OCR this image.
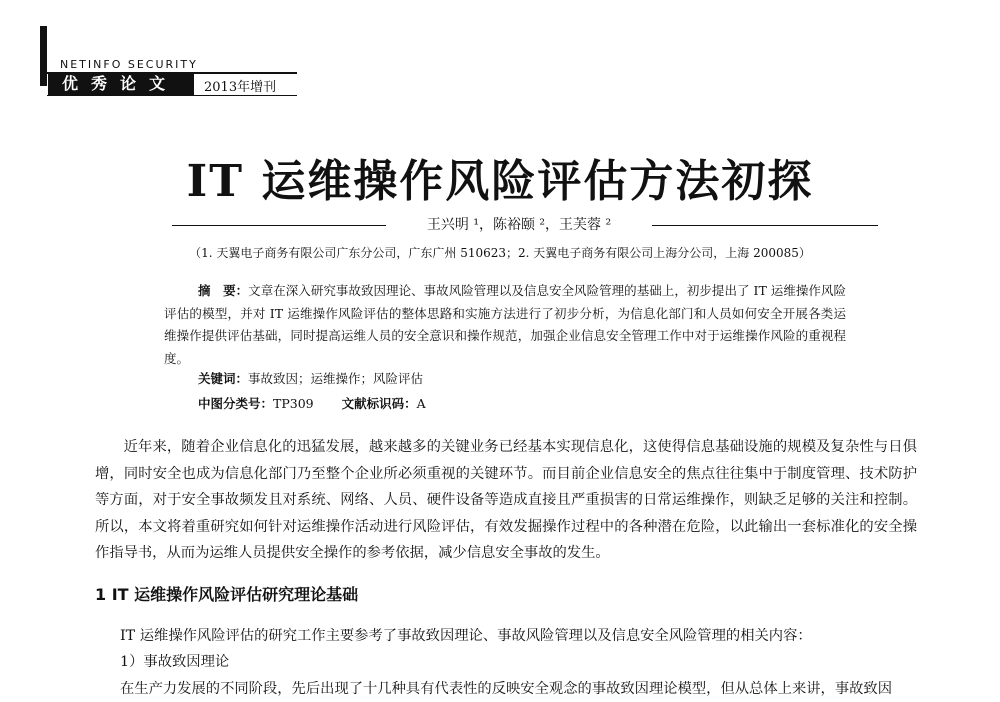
NETINFO SECURITY
优秀论文	2013年增刊
IT 运维操作风险评估方法初探
王兴明 ¹，陈裕颐 ²，王芙蓉 ²
（1. 天翼电子商务有限公司广东分公司，广东广州 510623；2. 天翼电子商务有限公司上海分公司，上海 200085）
摘　要：文章在深入研究事故致因理论、事故风险管理以及信息安全风险管理的基础上，初步提出了 IT 运维操作风险评估的模型，并对 IT 运维操作风险评估的整体思路和实施方法进行了初步分析，为信息化部门和人员如何安全开展各类运维操作提供评估基础，同时提高运维人员的安全意识和操作规范，加强企业信息安全管理工作中对于运维操作风险的重视程度。
关键词：事故致因；运维操作；风险评估
中图分类号：TP309 文献标识码：A
近年来，随着企业信息化的迅猛发展，越来越多的关键业务已经基本实现信息化，这使得信息基础设施的规模及复杂性与日俱增，同时安全也成为信息化部门乃至整个企业所必须重视的关键环节。而目前企业信息安全的焦点往往集中于制度管理、技术防护等方面，对于安全事故频发且对系统、网络、人员、硬件设备等造成直接且严重损害的日常运维操作，则缺乏足够的关注和控制。所以，本文将着重研究如何针对运维操作活动进行风险评估，有效发掘操作过程中的各种潜在危险，以此输出一套标准化的安全操作指导书，从而为运维人员提供安全操作的参考依据，减少信息安全事故的发生。
1 IT 运维操作风险评估研究理论基础
IT 运维操作风险评估的研究工作主要参考了事故致因理论、事故风险管理以及信息安全风险管理的相关内容：
1）事故致因理论
在生产力发展的不同阶段，先后出现了十几种具有代表性的反映安全观念的事故致因理论模型，但从总体上来讲，事故致因
